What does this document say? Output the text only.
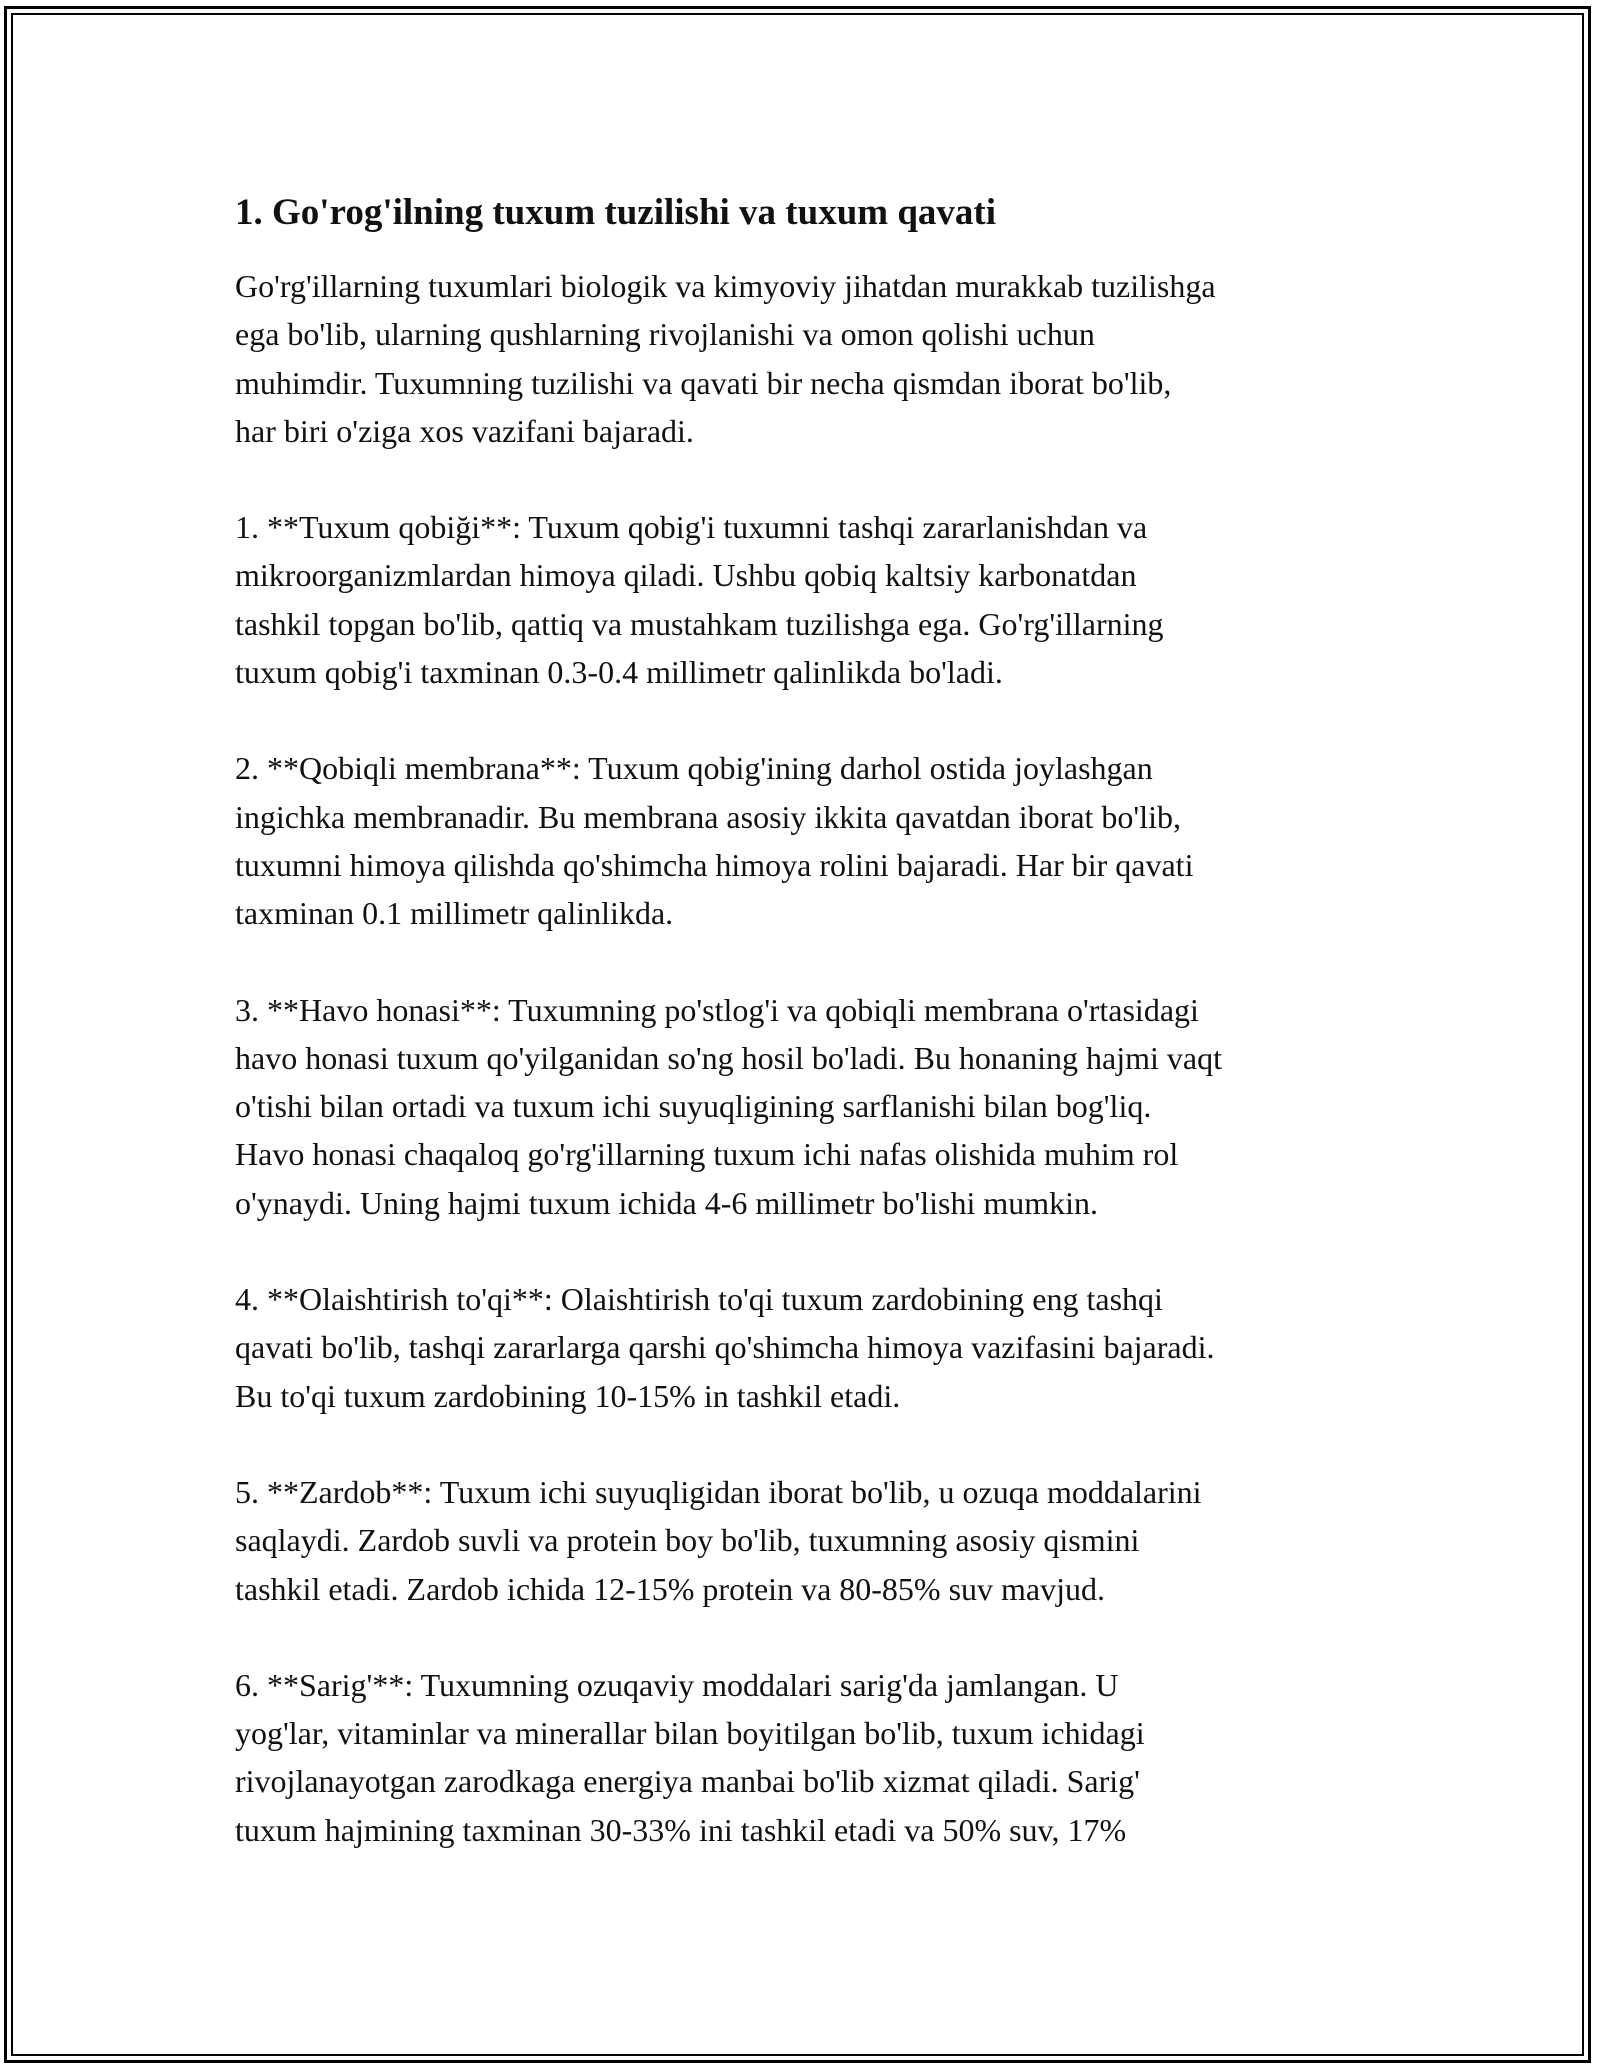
1. Go'rog'ilning tuxum tuzilishi va tuxum qavati

Go'rg'illarning tuxumlari biologik va kimyoviy jihatdan murakkab tuzilishga
ega bo'lib, ularning qushlarning rivojlanishi va omon qolishi uchun
muhimdir. Tuxumning tuzilishi va qavati bir necha qismdan iborat bo'lib,
har biri o'ziga xos vazifani bajaradi.

1. **Tuxum qobiği**: Tuxum qobig'i tuxumni tashqi zararlanishdan va
mikroorganizmlardan himoya qiladi. Ushbu qobiq kaltsiy karbonatdan
tashkil topgan bo'lib, qattiq va mustahkam tuzilishga ega. Go'rg'illarning
tuxum qobig'i taxminan 0.3-0.4 millimetr qalinlikda bo'ladi.

2. **Qobiqli membrana**: Tuxum qobig'ining darhol ostida joylashgan
ingichka membranadir. Bu membrana asosiy ikkita qavatdan iborat bo'lib,
tuxumni himoya qilishda qo'shimcha himoya rolini bajaradi. Har bir qavati
taxminan 0.1 millimetr qalinlikda.

3. **Havo honasi**: Tuxumning po'stlog'i va qobiqli membrana o'rtasidagi
havo honasi tuxum qo'yilganidan so'ng hosil bo'ladi. Bu honaning hajmi vaqt
o'tishi bilan ortadi va tuxum ichi suyuqligining sarflanishi bilan bog'liq.
Havo honasi chaqaloq go'rg'illarning tuxum ichi nafas olishida muhim rol
o'ynaydi. Uning hajmi tuxum ichida 4-6 millimetr bo'lishi mumkin.

4. **Olaishtirish to'qi**: Olaishtirish to'qi tuxum zardobining eng tashqi
qavati bo'lib, tashqi zararlarga qarshi qo'shimcha himoya vazifasini bajaradi.
Bu to'qi tuxum zardobining 10-15% in tashkil etadi.

5. **Zardob**: Tuxum ichi suyuqligidan iborat bo'lib, u ozuqa moddalarini
saqlaydi. Zardob suvli va protein boy bo'lib, tuxumning asosiy qismini
tashkil etadi. Zardob ichida 12-15% protein va 80-85% suv mavjud.

6. **Sarig'**: Tuxumning ozuqaviy moddalari sarig'da jamlangan. U
yog'lar, vitaminlar va minerallar bilan boyitilgan bo'lib, tuxum ichidagi
rivojlanayotgan zarodkaga energiya manbai bo'lib xizmat qiladi. Sarig'
tuxum hajmining taxminan 30-33% ini tashkil etadi va 50% suv, 17%
